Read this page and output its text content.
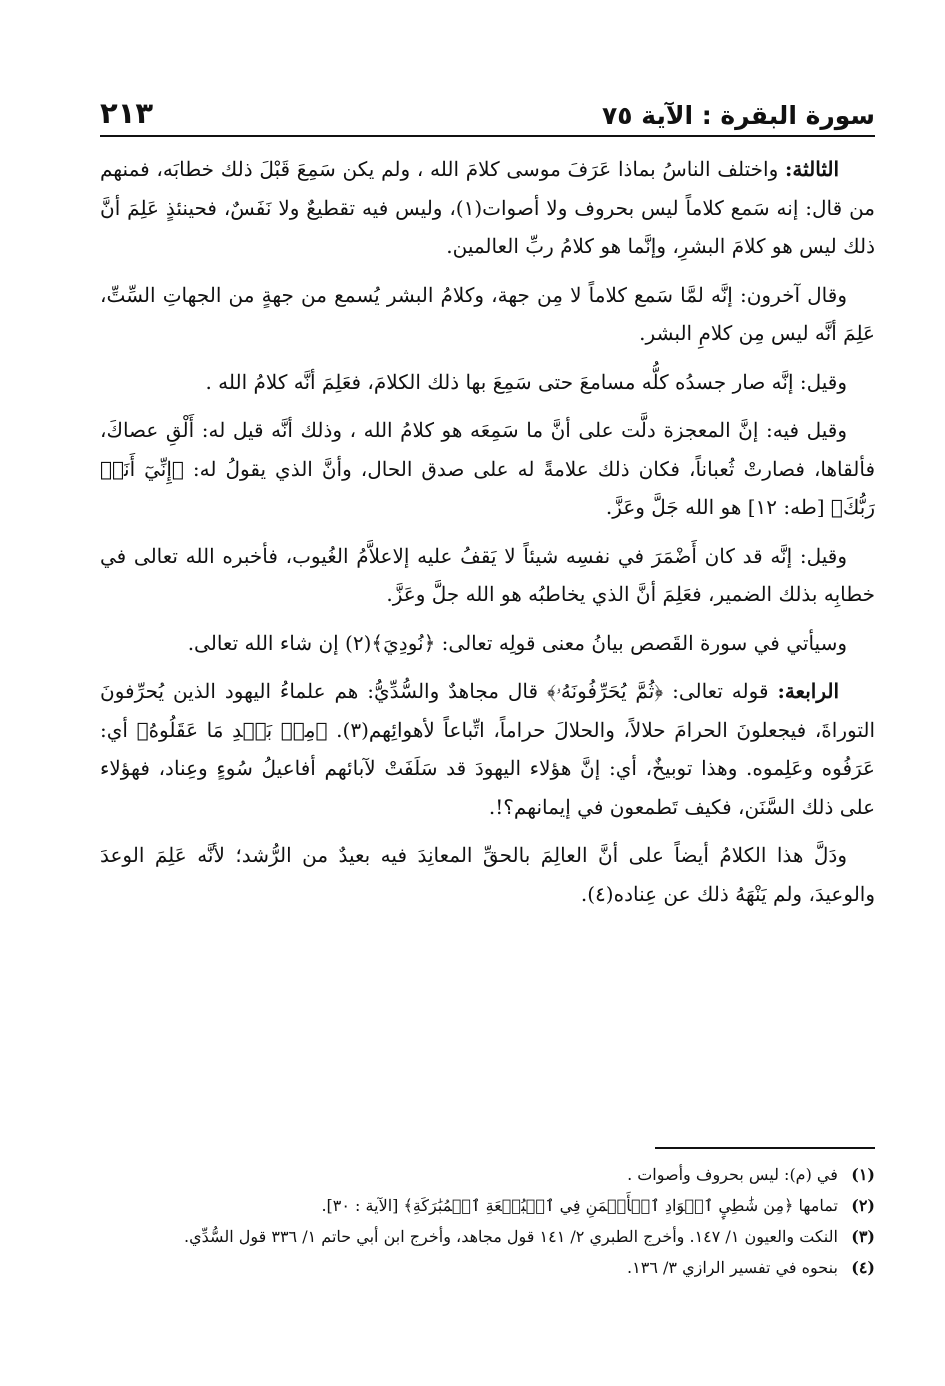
سورة البقرة : الآية ٧٥
٢١٣

الثالثة: واختلف الناسُ بماذا عَرَفَ موسى كلامَ الله ، ولم يكن سَمِعَ قَبْلَ ذلك خطابَه، فمنهم من قال: إنه سَمع كلاماً ليس بحروف ولا أصوات(١)، وليس فيه تقطيعٌ ولا نَفَسٌ، فحينئذٍ عَلِمَ أنَّ ذلك ليس هو كلامَ البشرِ، وإنَّما هو كلامُ ربِّ العالمين.

وقال آخرون: إنَّه لمَّا سَمع كلاماً لا مِن جهة، وكلامُ البشر يُسمع من جهةٍ من الجهاتِ السِّتِّ، عَلِمَ أنَّه ليس مِن كلامِ البشر.

وقيل: إنَّه صار جسدُه كلُّه مسامعَ حتى سَمِعَ بها ذلك الكلامَ، فعَلِمَ أنَّه كلامُ الله .

وقيل فيه: إنَّ المعجزة دلَّت على أنَّ ما سَمِعَه هو كلامُ الله ، وذلك أنَّه قيل له: أَلْقِ عصاكَ، فألقاها، فصارتْ ثُعباناً، فكان ذلك علامةً له على صدق الحال، وأنَّ الذي يقولُ له: ﴿إِنِّيٓ أَنَا۠ رَبُّكَ﴾ [طه: ١٢] هو الله جَلَّ وعَزَّ.

وقيل: إنَّه قد كان أَضْمَرَ في نفسِه شيئاً لا يَقفُ عليه إلاعلاَّمُ الغُيوب، فأخبره الله تعالى في خطابِه بذلك الضمير، فعَلِمَ أنَّ الذي يخاطبُه هو الله جلَّ وعَزَّ.

وسيأتي في سورة القَصص بيانُ معنى قولِه تعالى: ﴿نُودِيَ﴾(٢) إن شاء الله تعالى.

الرابعة: قوله تعالى: ﴿ثُمَّ يُحَرِّفُونَهُۥ﴾ قال مجاهدٌ والسُّدِّيُّ: هم علماءُ اليهود الذين يُحرِّفونَ التوراةَ، فيجعلونَ الحرامَ حلالاً، والحلالَ حراماً، اتِّباعاً لأهوائِهم(٣). ﴿مِنۢ بَعۡدِ مَا عَقَلُوهُ﴾ أي: عَرَفُوه وعَلِموه. وهذا توبيخٌ، أي: إنَّ هؤلاء اليهودَ قد سَلَفَتْ لآبائهم أفاعيلُ سُوءٍ وعِناد، فهؤلاء على ذلك السَّنَن، فكيف تَطمعون في إيمانهم؟!.

ودَلَّ هذا الكلامُ أيضاً على أنَّ العالِمَ بالحقِّ المعانِدَ فيه بعيدٌ من الرُّشد؛ لأنَّه عَلِمَ الوعدَ والوعيدَ، ولم يَنْهَهُ ذلك عن عِناده(٤).

(١) في (م): ليس بحروف وأصوات .
(٢) تمامها ﴿مِن شَٰطِيِٕ ٱلۡوَادِ ٱلۡأَيۡمَنِ فِي ٱلۡبُقۡعَةِ ٱلۡمُبَٰرَكَةِ﴾ [الآية : ٣٠].
(٣) النكت والعيون ١/ ١٤٧. وأخرج الطبري ٢/ ١٤١ قول مجاهد، وأخرج ابن أبي حاتم ١/ ٣٣٦ قول السُّدِّي.
(٤) بنحوه في تفسير الرازي ٣/ ١٣٦.
